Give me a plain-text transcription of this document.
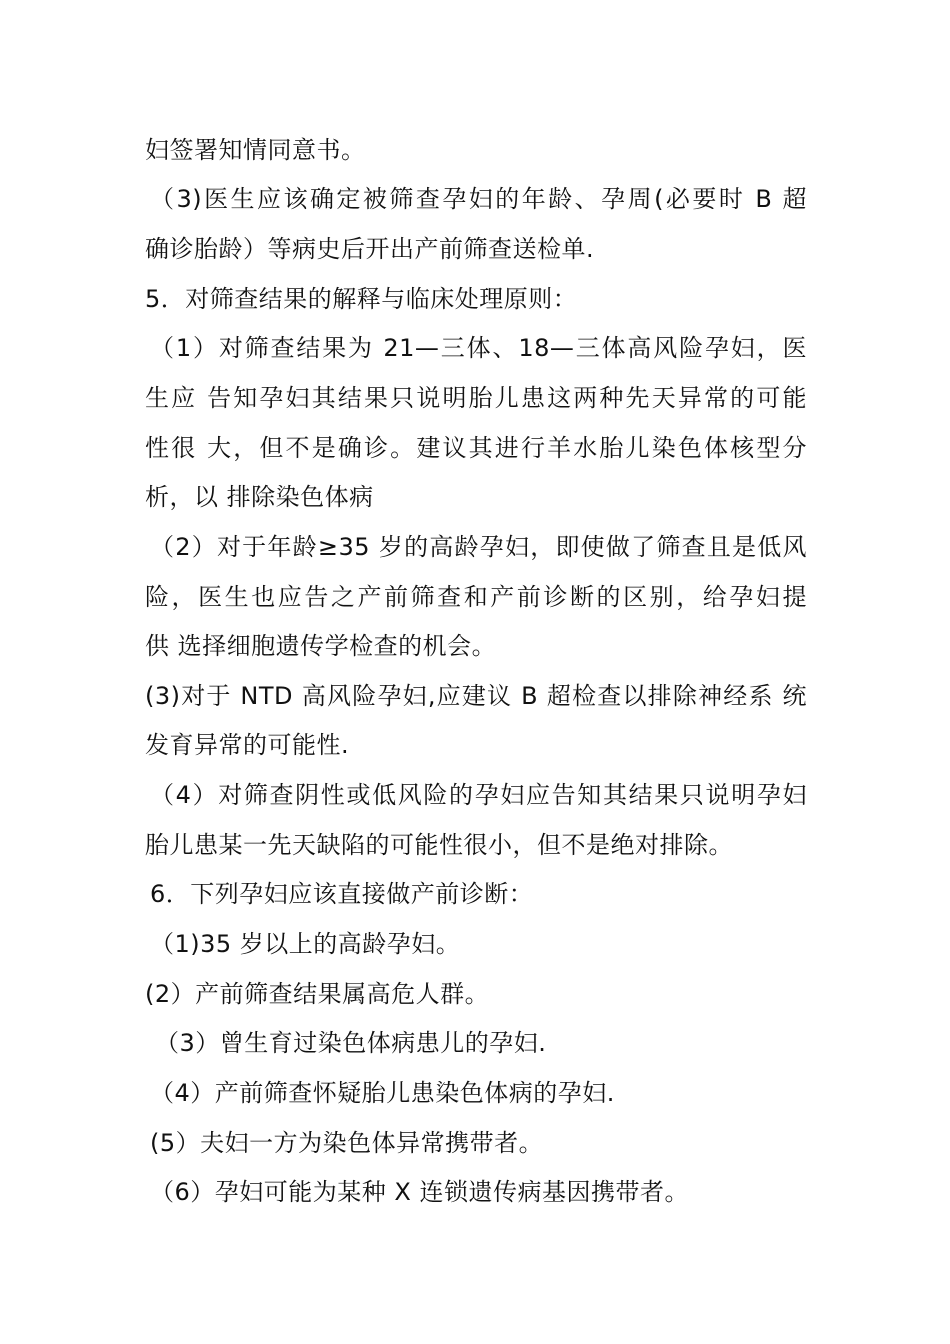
妇签署知情同意书。
（3)医生应该确定被筛查孕妇的年龄、孕周(必要时 B 超
确诊胎龄）等病史后开出产前筛查送检单.
5．对筛查结果的解释与临床处理原则：
（1）对筛查结果为 21—三体、18—三体高风险孕妇，医
生应 告知孕妇其结果只说明胎儿患这两种先天异常的可能
性很 大，但不是确诊。建议其进行羊水胎儿染色体核型分
析，以 排除染色体病
（2）对于年龄≥35 岁的高龄孕妇，即使做了筛查且是低风
险，医生也应告之产前筛查和产前诊断的区别，给孕妇提
供 选择细胞遗传学检查的机会。
(3)对于 NTD 高风险孕妇,应建议 B 超检查以排除神经系 统
发育异常的可能性.
（4）对筛查阴性或低风险的孕妇应告知其结果只说明孕妇
胎儿患某一先天缺陷的可能性很小，但不是绝对排除。
6．下列孕妇应该直接做产前诊断：
（1)35 岁以上的高龄孕妇。
(2）产前筛查结果属高危人群。
（3）曾生育过染色体病患儿的孕妇.
（4）产前筛查怀疑胎儿患染色体病的孕妇.
(5）夫妇一方为染色体异常携带者。
（6）孕妇可能为某种 X 连锁遗传病基因携带者。
